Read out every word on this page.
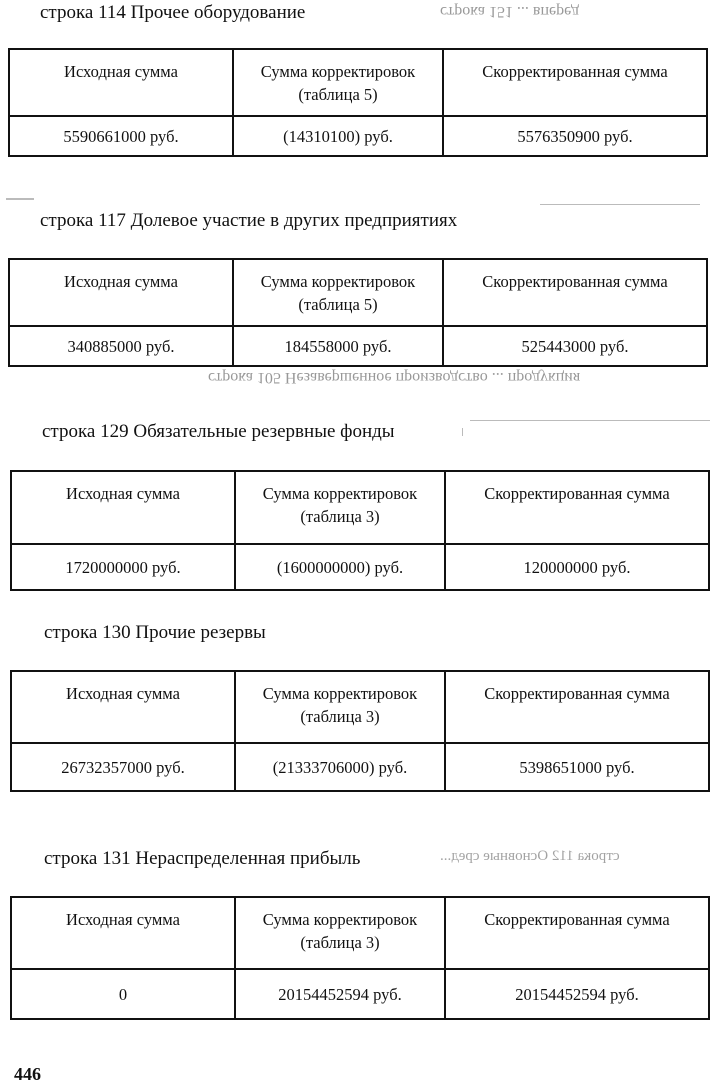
строка 151 ... вперед
строка 105 Незавершенное производство ... продукция
строка 112 Основные сред...
строка 114 Прочее оборудование
Исходная сумма	Сумма корректировок (таблица 5)	Скорректированная сумма
5590661000 руб.	(14310100) руб.	5576350900 руб.
строка 117 Долевое участие в других предприятиях
Исходная сумма	Сумма корректировок (таблица 5)	Скорректированная сумма
340885000 руб.	184558000 руб.	525443000 руб.
строка 129 Обязательные резервные фонды
Исходная сумма	Сумма корректировок (таблица 3)	Скорректированная сумма
1720000000 руб.	(1600000000) руб.	120000000 руб.
строка 130 Прочие резервы
Исходная сумма	Сумма корректировок (таблица 3)	Скорректированная сумма
26732357000 руб.	(21333706000) руб.	5398651000 руб.
строка 131 Нераспределенная прибыль
Исходная сумма	Сумма корректировок (таблица 3)	Скорректированная сумма
0	20154452594 руб.	20154452594 руб.
446
